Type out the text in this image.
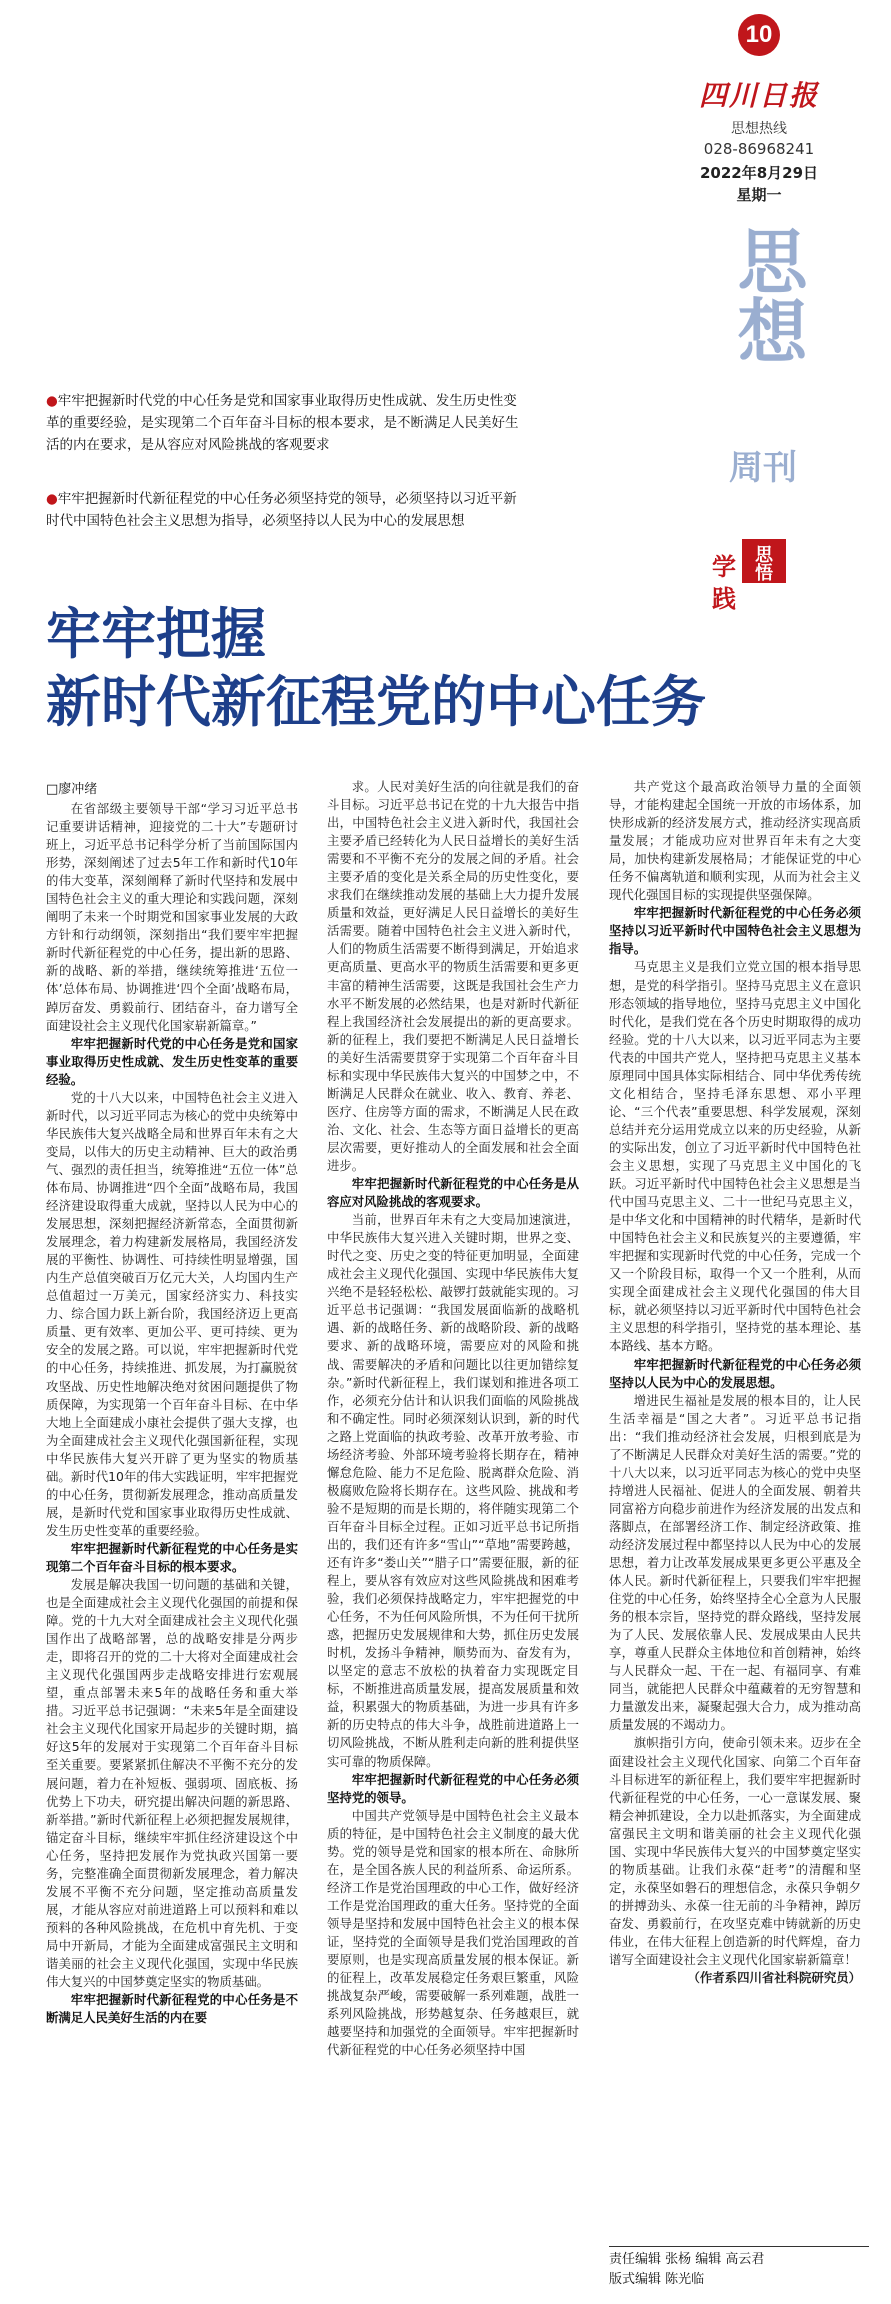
10
四川日报
思想热线
028-86968241
2022年8月29日
星期一
思想
周刊
思
悟
学
践
●牢牢把握新时代党的中心任务是党和国家事业取得历史性成就、发生历史性变革的重要经验，是实现第二个百年奋斗目标的根本要求，是不断满足人民美好生活的内在要求，是从容应对风险挑战的客观要求
●牢牢把握新时代新征程党的中心任务必须坚持党的领导，必须坚持以习近平新时代中国特色社会主义思想为指导，必须坚持以人民为中心的发展思想
牢牢把握
新时代新征程党的中心任务
□廖冲绪

在省部级主要领导干部“学习习近平总书记重要讲话精神，迎接党的二十大”专题研讨班上，习近平总书记科学分析了当前国际国内形势，深刻阐述了过去5年工作和新时代10年的伟大变革，深刻阐释了新时代坚持和发展中国特色社会主义的重大理论和实践问题，深刻阐明了未来一个时期党和国家事业发展的大政方针和行动纲领，深刻指出“我们要牢牢把握新时代新征程党的中心任务，提出新的思路、新的战略、新的举措，继续统筹推进‘五位一体’总体布局、协调推进‘四个全面’战略布局，踔厉奋发、勇毅前行、团结奋斗，奋力谱写全面建设社会主义现代化国家崭新篇章。”

牢牢把握新时代党的中心任务是党和国家事业取得历史性成就、发生历史性变革的重要经验。

党的十八大以来，中国特色社会主义进入新时代，以习近平同志为核心的党中央统筹中华民族伟大复兴战略全局和世界百年未有之大变局，以伟大的历史主动精神、巨大的政治勇气、强烈的责任担当，统筹推进“五位一体”总体布局、协调推进“四个全面”战略布局，我国经济建设取得重大成就，坚持以人民为中心的发展思想，深刻把握经济新常态，全面贯彻新发展理念，着力构建新发展格局，我国经济发展的平衡性、协调性、可持续性明显增强，国内生产总值突破百万亿元大关，人均国内生产总值超过一万美元，国家经济实力、科技实力、综合国力跃上新台阶，我国经济迈上更高质量、更有效率、更加公平、更可持续、更为安全的发展之路。可以说，牢牢把握新时代党的中心任务，持续推进、抓发展，为打赢脱贫攻坚战、历史性地解决绝对贫困问题提供了物质保障，为实现第一个百年奋斗目标、在中华大地上全面建成小康社会提供了强大支撑，也为全面建成社会主义现代化强国新征程，实现中华民族伟大复兴开辟了更为坚实的物质基础。新时代10年的伟大实践证明，牢牢把握党的中心任务，贯彻新发展理念，推动高质量发展，是新时代党和国家事业取得历史性成就、发生历史性变革的重要经验。

牢牢把握新时代新征程党的中心任务是实现第二个百年奋斗目标的根本要求。

发展是解决我国一切问题的基础和关键，也是全面建成社会主义现代化强国的前提和保障。党的十九大对全面建成社会主义现代化强国作出了战略部署，总的战略安排是分两步走，即将召开的党的二十大将对全面建成社会主义现代化强国两步走战略安排进行宏观展望，重点部署未来5年的战略任务和重大举措。习近平总书记强调：“未来5年是全面建设社会主义现代化国家开局起步的关键时期，搞好这5年的发展对于实现第二个百年奋斗目标至关重要。要紧紧抓住解决不平衡不充分的发展问题，着力在补短板、强弱项、固底板、扬优势上下功夫，研究提出解决问题的新思路、新举措。”新时代新征程上必须把握发展规律，锚定奋斗目标，继续牢牢抓住经济建设这个中心任务，坚持把发展作为党执政兴国第一要务，完整准确全面贯彻新发展理念，着力解决发展不平衡不充分问题，坚定推动高质量发展，才能从容应对前进道路上可以预料和难以预料的各种风险挑战，在危机中育先机、于变局中开新局，才能为全面建成富强民主文明和谐美丽的社会主义现代化强国，实现中华民族伟大复兴的中国梦奠定坚实的物质基础。

牢牢把握新时代新征程党的中心任务是不断满足人民美好生活的内在要

求。人民对美好生活的向往就是我们的奋斗目标。习近平总书记在党的十九大报告中指出，中国特色社会主义进入新时代，我国社会主要矛盾已经转化为人民日益增长的美好生活需要和不平衡不充分的发展之间的矛盾。社会主要矛盾的变化是关系全局的历史性变化，要求我们在继续推动发展的基础上大力提升发展质量和效益，更好满足人民日益增长的美好生活需要。随着中国特色社会主义进入新时代，人们的物质生活需要不断得到满足，开始追求更高质量、更高水平的物质生活需要和更多更丰富的精神生活需要，这既是我国社会生产力水平不断发展的必然结果，也是对新时代新征程上我国经济社会发展提出的新的更高要求。新的征程上，我们要把不断满足人民日益增长的美好生活需要贯穿于实现第二个百年奋斗目标和实现中华民族伟大复兴的中国梦之中，不断满足人民群众在就业、收入、教育、养老、医疗、住房等方面的需求，不断满足人民在政治、文化、社会、生态等方面日益增长的更高层次需要，更好推动人的全面发展和社会全面进步。

牢牢把握新时代新征程党的中心任务是从容应对风险挑战的客观要求。

当前，世界百年未有之大变局加速演进，中华民族伟大复兴进入关键时期，世界之变、时代之变、历史之变的特征更加明显，全面建成社会主义现代化强国、实现中华民族伟大复兴绝不是轻轻松松、敲锣打鼓就能实现的。习近平总书记强调：“我国发展面临新的战略机遇、新的战略任务、新的战略阶段、新的战略要求、新的战略环境，需要应对的风险和挑战、需要解决的矛盾和问题比以往更加错综复杂。”新时代新征程上，我们谋划和推进各项工作，必须充分估计和认识我们面临的风险挑战和不确定性。同时必须深刻认识到，新的时代之路上党面临的执政考验、改革开放考验、市场经济考验、外部环境考验将长期存在，精神懈怠危险、能力不足危险、脱离群众危险、消极腐败危险将长期存在。这些风险、挑战和考验不是短期的而是长期的，将伴随实现第二个百年奋斗目标全过程。正如习近平总书记所指出的，我们还有许多“雪山”“草地”需要跨越，还有许多“娄山关”“腊子口”需要征服，新的征程上，要从容有效应对这些风险挑战和困难考验，我们必须保持战略定力，牢牢把握党的中心任务，不为任何风险所惧，不为任何干扰所惑，把握历史发展规律和大势，抓住历史发展时机，发扬斗争精神，顺势而为、奋发有为，以坚定的意志不放松的执着奋力实现既定目标，不断推进高质量发展，提高发展质量和效益，积累强大的物质基础，为进一步具有许多新的历史特点的伟大斗争，战胜前进道路上一切风险挑战，不断从胜利走向新的胜利提供坚实可靠的物质保障。

牢牢把握新时代新征程党的中心任务必须坚持党的领导。

中国共产党领导是中国特色社会主义最本质的特征，是中国特色社会主义制度的最大优势。党的领导是党和国家的根本所在、命脉所在，是全国各族人民的利益所系、命运所系。经济工作是党治国理政的中心工作，做好经济工作是党治国理政的重大任务。坚持党的全面领导是坚持和发展中国特色社会主义的根本保证，坚持党的全面领导是我们党治国理政的首要原则，也是实现高质量发展的根本保证。新的征程上，改革发展稳定任务艰巨繁重，风险挑战复杂严峻，需要破解一系列难题，战胜一系列风险挑战，形势越复杂、任务越艰巨，就越要坚持和加强党的全面领导。牢牢把握新时代新征程党的中心任务必须坚持中国

共产党这个最高政治领导力量的全面领导，才能构建起全国统一开放的市场体系，加快形成新的经济发展方式，推动经济实现高质量发展；才能成功应对世界百年未有之大变局，加快构建新发展格局；才能保证党的中心任务不偏离轨道和顺利实现，从而为社会主义现代化强国目标的实现提供坚强保障。

牢牢把握新时代新征程党的中心任务必须坚持以习近平新时代中国特色社会主义思想为指导。

马克思主义是我们立党立国的根本指导思想，是党的科学指引。坚持马克思主义在意识形态领域的指导地位，坚持马克思主义中国化时代化，是我们党在各个历史时期取得的成功经验。党的十八大以来，以习近平同志为主要代表的中国共产党人，坚持把马克思主义基本原理同中国具体实际相结合、同中华优秀传统文化相结合，坚持毛泽东思想、邓小平理论、“三个代表”重要思想、科学发展观，深刻总结并充分运用党成立以来的历史经验，从新的实际出发，创立了习近平新时代中国特色社会主义思想，实现了马克思主义中国化的飞跃。习近平新时代中国特色社会主义思想是当代中国马克思主义、二十一世纪马克思主义，是中华文化和中国精神的时代精华，是新时代中国特色社会主义和民族复兴的主要遵循，牢牢把握和实现新时代党的中心任务，完成一个又一个阶段目标，取得一个又一个胜利，从而实现全面建成社会主义现代化强国的伟大目标，就必须坚持以习近平新时代中国特色社会主义思想的科学指引，坚持党的基本理论、基本路线、基本方略。

牢牢把握新时代新征程党的中心任务必须坚持以人民为中心的发展思想。

增进民生福祉是发展的根本目的，让人民生活幸福是“国之大者”。习近平总书记指出：“我们推动经济社会发展，归根到底是为了不断满足人民群众对美好生活的需要。”党的十八大以来，以习近平同志为核心的党中央坚持增进人民福祉、促进人的全面发展、朝着共同富裕方向稳步前进作为经济发展的出发点和落脚点，在部署经济工作、制定经济政策、推动经济发展过程中都坚持以人民为中心的发展思想，着力让改革发展成果更多更公平惠及全体人民。新时代新征程上，只要我们牢牢把握住党的中心任务，始终坚持全心全意为人民服务的根本宗旨，坚持党的群众路线，坚持发展为了人民、发展依靠人民、发展成果由人民共享，尊重人民群众主体地位和首创精神，始终与人民群众一起、干在一起、有福同享、有难同当，就能把人民群众中蕴藏着的无穷智慧和力量激发出来，凝聚起强大合力，成为推动高质量发展的不竭动力。

旗帜指引方向，使命引领未来。迈步在全面建设社会主义现代化国家、向第二个百年奋斗目标进军的新征程上，我们要牢牢把握新时代新征程党的中心任务，一心一意谋发展、聚精会神抓建设，全力以赴抓落实，为全面建成富强民主文明和谐美丽的社会主义现代化强国、实现中华民族伟大复兴的中国梦奠定坚实的物质基础。让我们永葆“赶考”的清醒和坚定，永葆坚如磐石的理想信念，永葆只争朝夕的拼搏劲头、永葆一往无前的斗争精神，踔厉奋发、勇毅前行，在攻坚克难中铸就新的历史伟业，在伟大征程上创造新的时代辉煌，奋力谱写全面建设社会主义现代化国家崭新篇章！

（作者系四川省社科院研究员）

责任编辑 张杨 编辑 高云君
版式编辑 陈光临
